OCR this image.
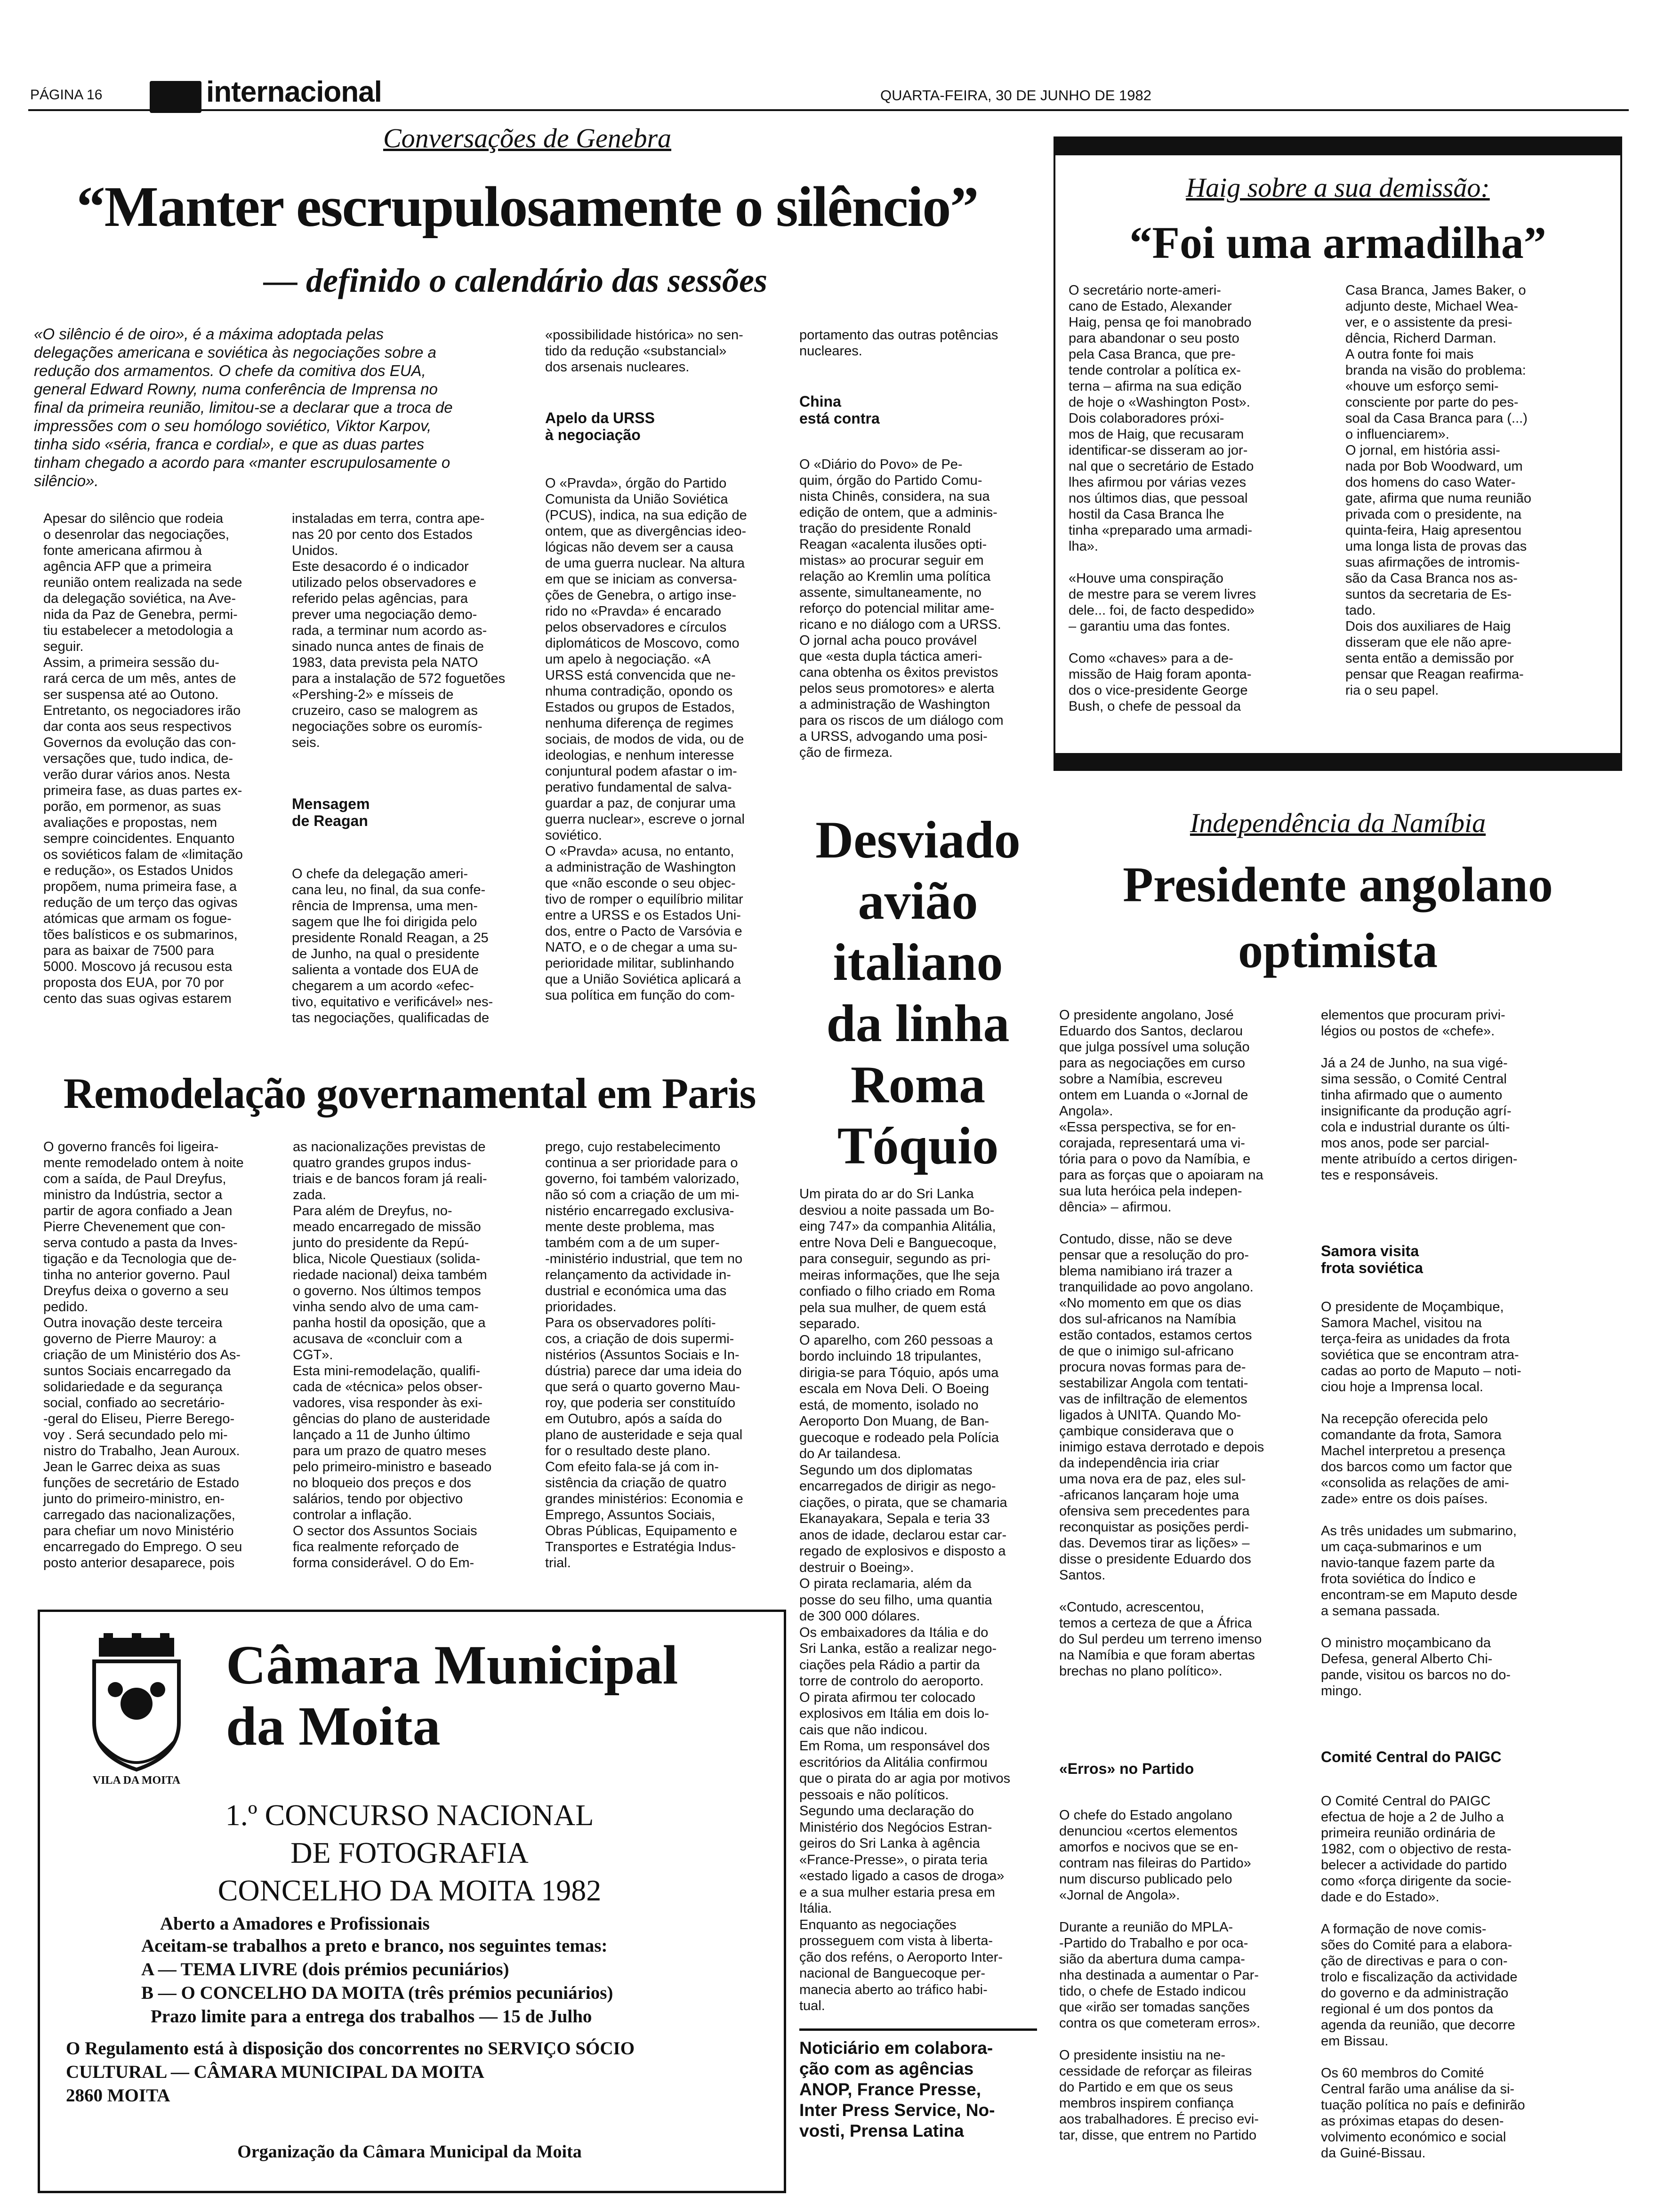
PÁGINA 16	internacional	QUARTA-FEIRA, 30 DE JUNHO DE 1982
Conversações de Genebra
“Manter escrupulosamente o silêncio”
— definido o calendário das sessões
«O silêncio é de oiro», é a máxima adoptada pelas
delegações americana e soviética às negociações sobre a
redução dos armamentos. O chefe da comitiva dos EUA,
general Edward Rowny, numa conferência de Imprensa no
final da primeira reunião, limitou-se a declarar que a troca de
impressões com o seu homólogo soviético, Viktor Karpov,
tinha sido «séria, franca e cordial», e que as duas partes
tinham chegado a acordo para «manter escrupulosamente o
silêncio».
Apesar do silêncio que rodeia
o desenrolar das negociações,
fonte americana afirmou à
agência AFP que a primeira
reunião ontem realizada na sede
da delegação soviética, na Ave-
nida da Paz de Genebra, permi-
tiu estabelecer a metodologia a
seguir.
Assim, a primeira sessão du-
rará cerca de um mês, antes de
ser suspensa até ao Outono.
Entretanto, os negociadores irão
dar conta aos seus respectivos
Governos da evolução das con-
versações que, tudo indica, de-
verão durar vários anos. Nesta
primeira fase, as duas partes ex-
porão, em pormenor, as suas
avaliações e propostas, nem
sempre coincidentes. Enquanto
os soviéticos falam de «limitação
e redução», os Estados Unidos
propõem, numa primeira fase, a
redução de um terço das ogivas
atómicas que armam os fogue-
tões balísticos e os submarinos,
para as baixar de 7500 para
5000. Moscovo já recusou esta
proposta dos EUA, por 70 por
cento das suas ogivas estarem
instaladas em terra, contra ape-
nas 20 por cento dos Estados
Unidos.
Este desacordo é o indicador
utilizado pelos observadores e
referido pelas agências, para
prever uma negociação demo-
rada, a terminar num acordo as-
sinado nunca antes de finais de
1983, data prevista pela NATO
para a instalação de 572 foguetões
«Pershing-2» e mísseis de
cruzeiro, caso se malogrem as
negociações sobre os euromís-
seis.
Mensagem
de Reagan
O chefe da delegação ameri-
cana leu, no final, da sua confe-
rência de Imprensa, uma men-
sagem que lhe foi dirigida pelo
presidente Ronald Reagan, a 25
de Junho, na qual o presidente
salienta a vontade dos EUA de
chegarem a um acordo «efec-
tivo, equitativo e verificável» nes-
tas negociações, qualificadas de
«possibilidade histórica» no sen-
tido da redução «substancial»
dos arsenais nucleares.
Apelo da URSS
à negociação
O «Pravda», órgão do Partido
Comunista da União Soviética
(PCUS), indica, na sua edição de
ontem, que as divergências ideo-
lógicas não devem ser a causa
de uma guerra nuclear. Na altura
em que se iniciam as conversa-
ções de Genebra, o artigo inse-
rido no «Pravda» é encarado
pelos observadores e círculos
diplomáticos de Moscovo, como
um apelo à negociação. «A
URSS está convencida que ne-
nhuma contradição, opondo os
Estados ou grupos de Estados,
nenhuma diferença de regimes
sociais, de modos de vida, ou de
ideologias, e nenhum interesse
conjuntural podem afastar o im-
perativo fundamental de salva-
guardar a paz, de conjurar uma
guerra nuclear», escreve o jornal
soviético.
O «Pravda» acusa, no entanto,
a administração de Washington
que «não esconde o seu objec-
tivo de romper o equilíbrio militar
entre a URSS e os Estados Uni-
dos, entre o Pacto de Varsóvia e
NATO, e o de chegar a uma su-
perioridade militar, sublinhando
que a União Soviética aplicará a
sua política em função do com-
portamento das outras potências
nucleares.
China
está contra
O «Diário do Povo» de Pe-
quim, órgão do Partido Comu-
nista Chinês, considera, na sua
edição de ontem, que a adminis-
tração do presidente Ronald
Reagan «acalenta ilusões opti-
mistas» ao procurar seguir em
relação ao Kremlin uma política
assente, simultaneamente, no
reforço do potencial militar ame-
ricano e no diálogo com a URSS.
O jornal acha pouco provável
que «esta dupla táctica ameri-
cana obtenha os êxitos previstos
pelos seus promotores» e alerta
a administração de Washington
para os riscos de um diálogo com
a URSS, advogando uma posi-
ção de firmeza.
Haig sobre a sua demissão:
“Foi uma armadilha”
O secretário norte-ameri-
cano de Estado, Alexander
Haig, pensa qe foi manobrado
para abandonar o seu posto
pela Casa Branca, que pre-
tende controlar a política ex-
terna – afirma na sua edição
de hoje o «Washington Post».
Dois colaboradores próxi-
mos de Haig, que recusaram
identificar-se disseram ao jor-
nal que o secretário de Estado
lhes afirmou por várias vezes
nos últimos dias, que pessoal
hostil da Casa Branca lhe
tinha «preparado uma armadi-
lha».

«Houve uma conspiração
de mestre para se verem livres
dele... foi, de facto despedido»
– garantiu uma das fontes.

Como «chaves» para a de-
missão de Haig foram aponta-
dos o vice-presidente George
Bush, o chefe de pessoal da
Casa Branca, James Baker, o
adjunto deste, Michael Wea-
ver, e o assistente da presi-
dência, Richerd Darman.
A outra fonte foi mais
branda na visão do problema:
«houve um esforço semi-
consciente por parte do pes-
soal da Casa Branca para (...)
o influenciarem».
O jornal, em história assi-
nada por Bob Woodward, um
dos homens do caso Water-
gate, afirma que numa reunião
privada com o presidente, na
quinta-feira, Haig apresentou
uma longa lista de provas das
suas afirmações de intromis-
são da Casa Branca nos as-
suntos da secretaria de Es-
tado.
Dois dos auxiliares de Haig
disseram que ele não apre-
senta então a demissão por
pensar que Reagan reafirma-
ria o seu papel.
Desviado
avião
italiano
da linha
Roma
Tóquio
Um pirata do ar do Sri Lanka
desviou a noite passada um Bo-
eing 747» da companhia Alitália,
entre Nova Deli e Banguecoque,
para conseguir, segundo as pri-
meiras informações, que lhe seja
confiado o filho criado em Roma
pela sua mulher, de quem está
separado.
O aparelho, com 260 pessoas a
bordo incluindo 18 tripulantes,
dirigia-se para Tóquio, após uma
escala em Nova Deli. O Boeing
está, de momento, isolado no
Aeroporto Don Muang, de Ban-
guecoque e rodeado pela Polícia
do Ar tailandesa.
Segundo um dos diplomatas
encarregados de dirigir as nego-
ciações, o pirata, que se chamaria
Ekanayakara, Sepala e teria 33
anos de idade, declarou estar car-
regado de explosivos e disposto a
destruir o Boeing».
O pirata reclamaria, além da
posse do seu filho, uma quantia
de 300 000 dólares.
Os embaixadores da Itália e do
Sri Lanka, estão a realizar nego-
ciações pela Rádio a partir da
torre de controlo do aeroporto.
O pirata afirmou ter colocado
explosivos em Itália em dois lo-
cais que não indicou.
Em Roma, um responsável dos
escritórios da Alitália confirmou
que o pirata do ar agia por motivos
pessoais e não políticos.
Segundo uma declaração do
Ministério dos Negócios Estran-
geiros do Sri Lanka à agência
«France-Presse», o pirata teria
«estado ligado a casos de droga»
e a sua mulher estaria presa em
Itália.
Enquanto as negociações
prosseguem com vista à liberta-
ção dos reféns, o Aeroporto Inter-
nacional de Banguecoque per-
manecia aberto ao tráfico habi-
tual.
Noticiário em colabora-
ção com as agências
ANOP, France Presse,
Inter Press Service, No-
vosti, Prensa Latina
Independência da Namíbia
Presidente angolano
optimista
O presidente angolano, José
Eduardo dos Santos, declarou
que julga possível uma solução
para as negociações em curso
sobre a Namíbia, escreveu
ontem em Luanda o «Jornal de
Angola».
«Essa perspectiva, se for en-
corajada, representará uma vi-
tória para o povo da Namíbia, e
para as forças que o apoiaram na
sua luta heróica pela indepen-
dência» – afirmou.

Contudo, disse, não se deve
pensar que a resolução do pro-
blema namibiano irá trazer a
tranquilidade ao povo angolano.
«No momento em que os dias
dos sul-africanos na Namíbia
estão contados, estamos certos
de que o inimigo sul-africano
procura novas formas para de-
sestabilizar Angola com tentati-
vas de infiltração de elementos
ligados à UNITA. Quando Mo-
çambique considerava que o
inimigo estava derrotado e depois
da independência iria criar
uma nova era de paz, eles sul-
-africanos lançaram hoje uma
ofensiva sem precedentes para
reconquistar as posições perdi-
das. Devemos tirar as lições» –
disse o presidente Eduardo dos
Santos.

«Contudo, acrescentou,
temos a certeza de que a África
do Sul perdeu um terreno imenso
na Namíbia e que foram abertas
brechas no plano político».
«Erros» no Partido
O chefe do Estado angolano
denunciou «certos elementos
amorfos e nocivos que se en-
contram nas fileiras do Partido»
num discurso publicado pelo
«Jornal de Angola».

Durante a reunião do MPLA-
-Partido do Trabalho e por oca-
sião da abertura duma campa-
nha destinada a aumentar o Par-
tido, o chefe de Estado indicou
que «irão ser tomadas sanções
contra os que cometeram erros».

O presidente insistiu na ne-
cessidade de reforçar as fileiras
do Partido e em que os seus
membros inspirem confiança
aos trabalhadores. É preciso evi-
tar, disse, que entrem no Partido
elementos que procuram privi-
légios ou postos de «chefe».

Já a 24 de Junho, na sua vigé-
sima sessão, o Comité Central
tinha afirmado que o aumento
insignificante da produção agrí-
cola e industrial durante os últi-
mos anos, pode ser parcial-
mente atribuído a certos dirigen-
tes e responsáveis.
Samora visita
frota soviética
O presidente de Moçambique,
Samora Machel, visitou na
terça-feira as unidades da frota
soviética que se encontram atra-
cadas ao porto de Maputo – noti-
ciou hoje a Imprensa local.

Na recepção oferecida pelo
comandante da frota, Samora
Machel interpretou a presença
dos barcos como um factor que
«consolida as relações de ami-
zade» entre os dois países.

As três unidades um submarino,
um caça-submarinos e um
navio-tanque fazem parte da
frota soviética do Índico e
encontram-se em Maputo desde
a semana passada.

O ministro moçambicano da
Defesa, general Alberto Chi-
pande, visitou os barcos no do-
mingo.
Comité Central do PAIGC
O Comité Central do PAIGC
efectua de hoje a 2 de Julho a
primeira reunião ordinária de
1982, com o objectivo de resta-
belecer a actividade do partido
como «força dirigente da socie-
dade e do Estado».

A formação de nove comis-
sões do Comité para a elabora-
ção de directivas e para o con-
trolo e fiscalização da actividade
do governo e da administração
regional é um dos pontos da
agenda da reunião, que decorre
em Bissau.

Os 60 membros do Comité
Central farão uma análise da si-
tuação política no país e definirão
as próximas etapas do desen-
volvimento económico e social
da Guiné-Bissau.
Remodelação governamental em Paris
O governo francês foi ligeira-
mente remodelado ontem à noite
com a saída, de Paul Dreyfus,
ministro da Indústria, sector a
partir de agora confiado a Jean
Pierre Chevenement que con-
serva contudo a pasta da Inves-
tigação e da Tecnologia que de-
tinha no anterior governo. Paul
Dreyfus deixa o governo a seu
pedido.
Outra inovação deste terceira
governo de Pierre Mauroy: a
criação de um Ministério dos As-
suntos Sociais encarregado da
solidariedade e da segurança
social, confiado ao secretário-
-geral do Eliseu, Pierre Berego-
voy . Será secundado pelo mi-
nistro do Trabalho, Jean Auroux.
Jean le Garrec deixa as suas
funções de secretário de Estado
junto do primeiro-ministro, en-
carregado das nacionalizações,
para chefiar um novo Ministério
encarregado do Emprego. O seu
posto anterior desaparece, pois
as nacionalizações previstas de
quatro grandes grupos indus-
triais e de bancos foram já reali-
zada.
Para além de Dreyfus, no-
meado encarregado de missão
junto do presidente da Repú-
blica, Nicole Questiaux (solida-
riedade nacional) deixa também
o governo. Nos últimos tempos
vinha sendo alvo de uma cam-
panha hostil da oposição, que a
acusava de «concluir com a
CGT».
Esta mini-remodelação, qualifi-
cada de «técnica» pelos obser-
vadores, visa responder às exi-
gências do plano de austeridade
lançado a 11 de Junho último
para um prazo de quatro meses
pelo primeiro-ministro e baseado
no bloqueio dos preços e dos
salários, tendo por objectivo
controlar a inflação.
O sector dos Assuntos Sociais
fica realmente reforçado de
forma considerável. O do Em-
prego, cujo restabelecimento
continua a ser prioridade para o
governo, foi também valorizado,
não só com a criação de um mi-
nistério encarregado exclusiva-
mente deste problema, mas
também com a de um super-
-ministério industrial, que tem no
relançamento da actividade in-
dustrial e económica uma das
prioridades.
Para os observadores políti-
cos, a criação de dois supermi-
nistérios (Assuntos Sociais e In-
dústria) parece dar uma ideia do
que será o quarto governo Mau-
roy, que poderia ser constituído
em Outubro, após a saída do
plano de austeridade e seja qual
for o resultado deste plano.
Com efeito fala-se já com in-
sistência da criação de quatro
grandes ministérios: Economia e
Emprego, Assuntos Sociais,
Obras Públicas, Equipamento e
Transportes e Estratégia Indus-
trial.
VILA DA MOITA
Câmara Municipal
da Moita
1.º CONCURSO NACIONAL
DE FOTOGRAFIA
CONCELHO DA MOITA 1982
Aberto a Amadores e Profissionais
Aceitam-se trabalhos a preto e branco, nos seguintes temas:
A — TEMA LIVRE (dois prémios pecuniários)
B — O CONCELHO DA MOITA (três prémios pecuniários)
Prazo limite para a entrega dos trabalhos — 15 de Julho
O Regulamento está à disposição dos concorrentes no SERVIÇO SÓCIO
CULTURAL — CÂMARA MUNICIPAL DA MOITA
2860 MOITA
Organização da Câmara Municipal da Moita
